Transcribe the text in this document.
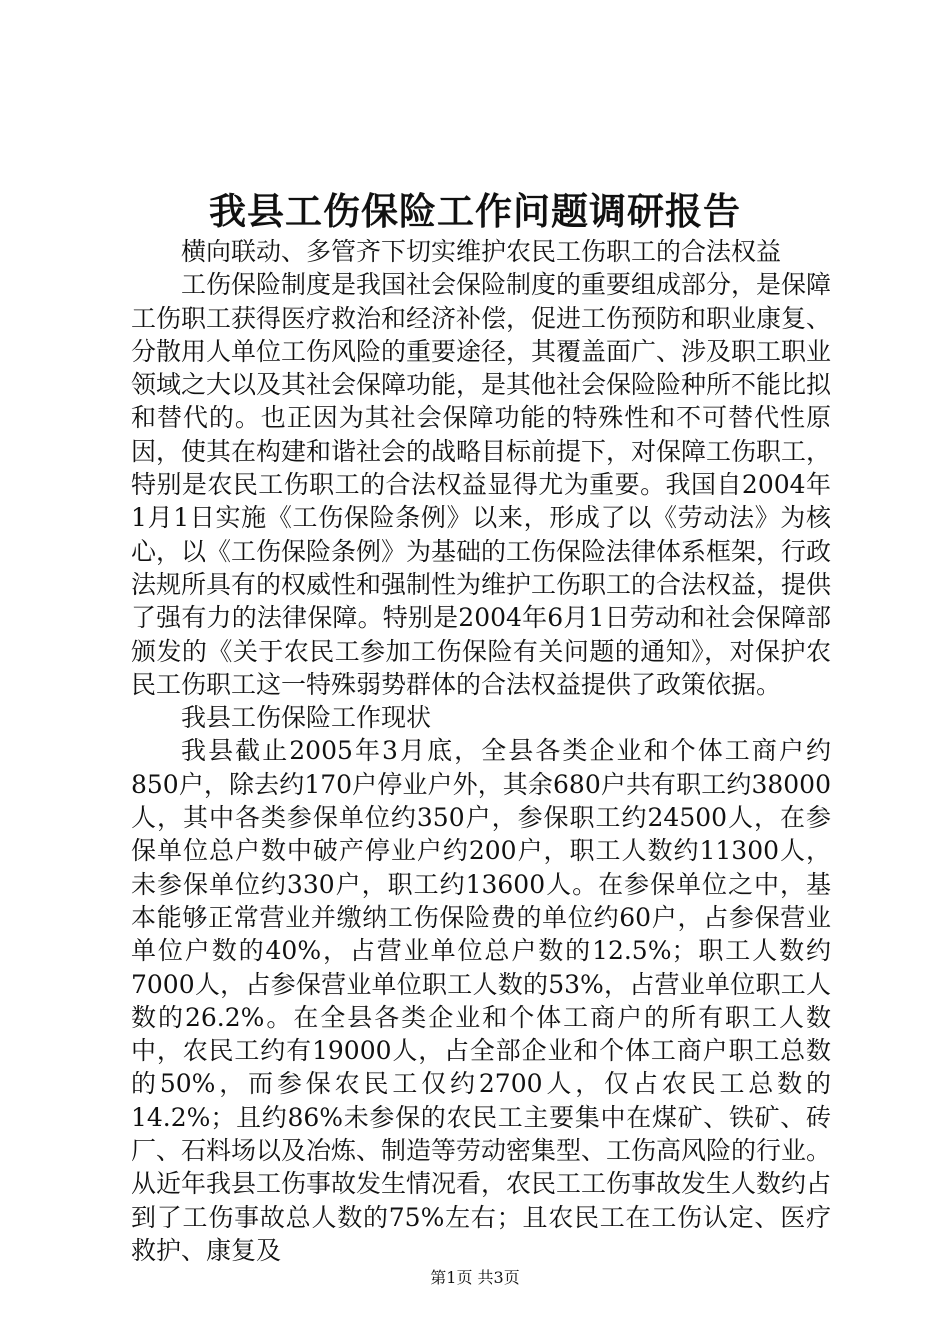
我县工伤保险工作问题调研报告

横向联动、多管齐下切实维护农民工伤职工的合法权益

工伤保险制度是我国社会保险制度的重要组成部分，是保障工伤职工获得医疗救治和经济补偿，促进工伤预防和职业康复、分散用人单位工伤风险的重要途径，其覆盖面广、涉及职工职业领域之大以及其社会保障功能，是其他社会保险险种所不能比拟和替代的。也正因为其社会保障功能的特殊性和不可替代性原因，使其在构建和谐社会的战略目标前提下，对保障工伤职工，特别是农民工伤职工的合法权益显得尤为重要。我国自2004年1月1日实施《工伤保险条例》以来，形成了以《劳动法》为核心，以《工伤保险条例》为基础的工伤保险法律体系框架，行政法规所具有的权威性和强制性为维护工伤职工的合法权益，提供了强有力的法律保障。特别是2004年6月1日劳动和社会保障部颁发的《关于农民工参加工伤保险有关问题的通知》，对保护农民工伤职工这一特殊弱势群体的合法权益提供了政策依据。

我县工伤保险工作现状

我县截止2005年3月底，全县各类企业和个体工商户约850户，除去约170户停业户外，其余680户共有职工约38000人，其中各类参保单位约350户，参保职工约24500人，在参保单位总户数中破产停业户约200户，职工人数约11300人，未参保单位约330户，职工约13600人。在参保单位之中，基本能够正常营业并缴纳工伤保险费的单位约60户，占参保营业单位户数的40%，占营业单位总户数的12.5%；职工人数约7000人，占参保营业单位职工人数的53%，占营业单位职工人数的26.2%。在全县各类企业和个体工商户的所有职工人数中，农民工约有19000人，占全部企业和个体工商户职工总数的50%，而参保农民工仅约2700人，仅占农民工总数的14.2%；且约86%未参保的农民工主要集中在煤矿、铁矿、砖厂、石料场以及冶炼、制造等劳动密集型、工伤高风险的行业。从近年我县工伤事故发生情况看，农民工工伤事故发生人数约占到了工伤事故总人数的75%左右；且农民工在工伤认定、医疗救护、康复及

第1页 共3页
